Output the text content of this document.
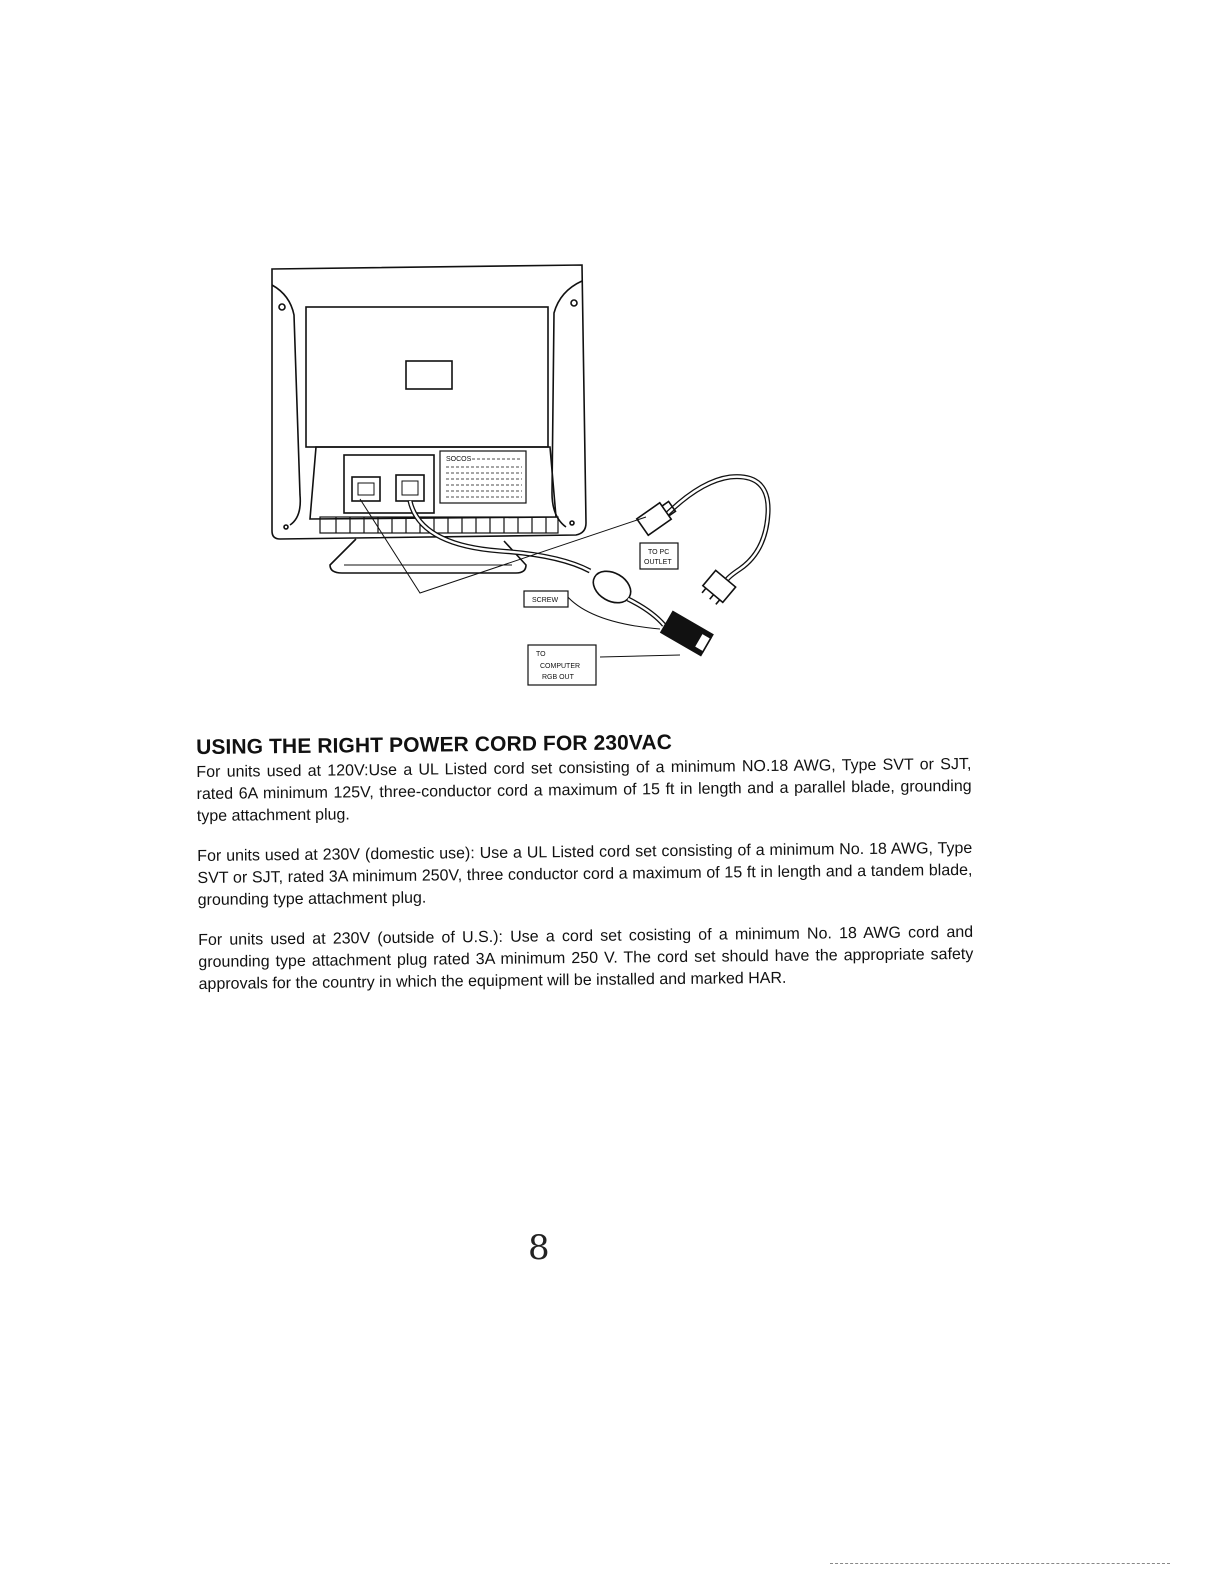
SOCOS
TO PC
OUTLET
SCREW
TO
COMPUTER
RGB OUT
USING THE RIGHT POWER CORD FOR 230VAC

For units used at 120V:Use a UL Listed cord set consisting of a minimum NO.18 AWG, Type SVT or SJT, rated 6A minimum 125V, three-conductor cord a maximum of 15 ft in length and a parallel blade, grounding type attachment plug.

For units used at 230V (domestic use): Use a UL Listed cord set consisting of a minimum No. 18 AWG, Type SVT or SJT, rated 3A minimum 250V, three conductor cord a maximum of 15 ft in length and a tandem blade, grounding type attachment plug.

For units used at 230V (outside of U.S.): Use a cord set cosisting of a minimum No. 18 AWG cord and grounding type attachment plug rated 3A minimum 250 V. The cord set should have the appropriate safety approvals for the country in which the equipment will be installed and marked HAR.

8
